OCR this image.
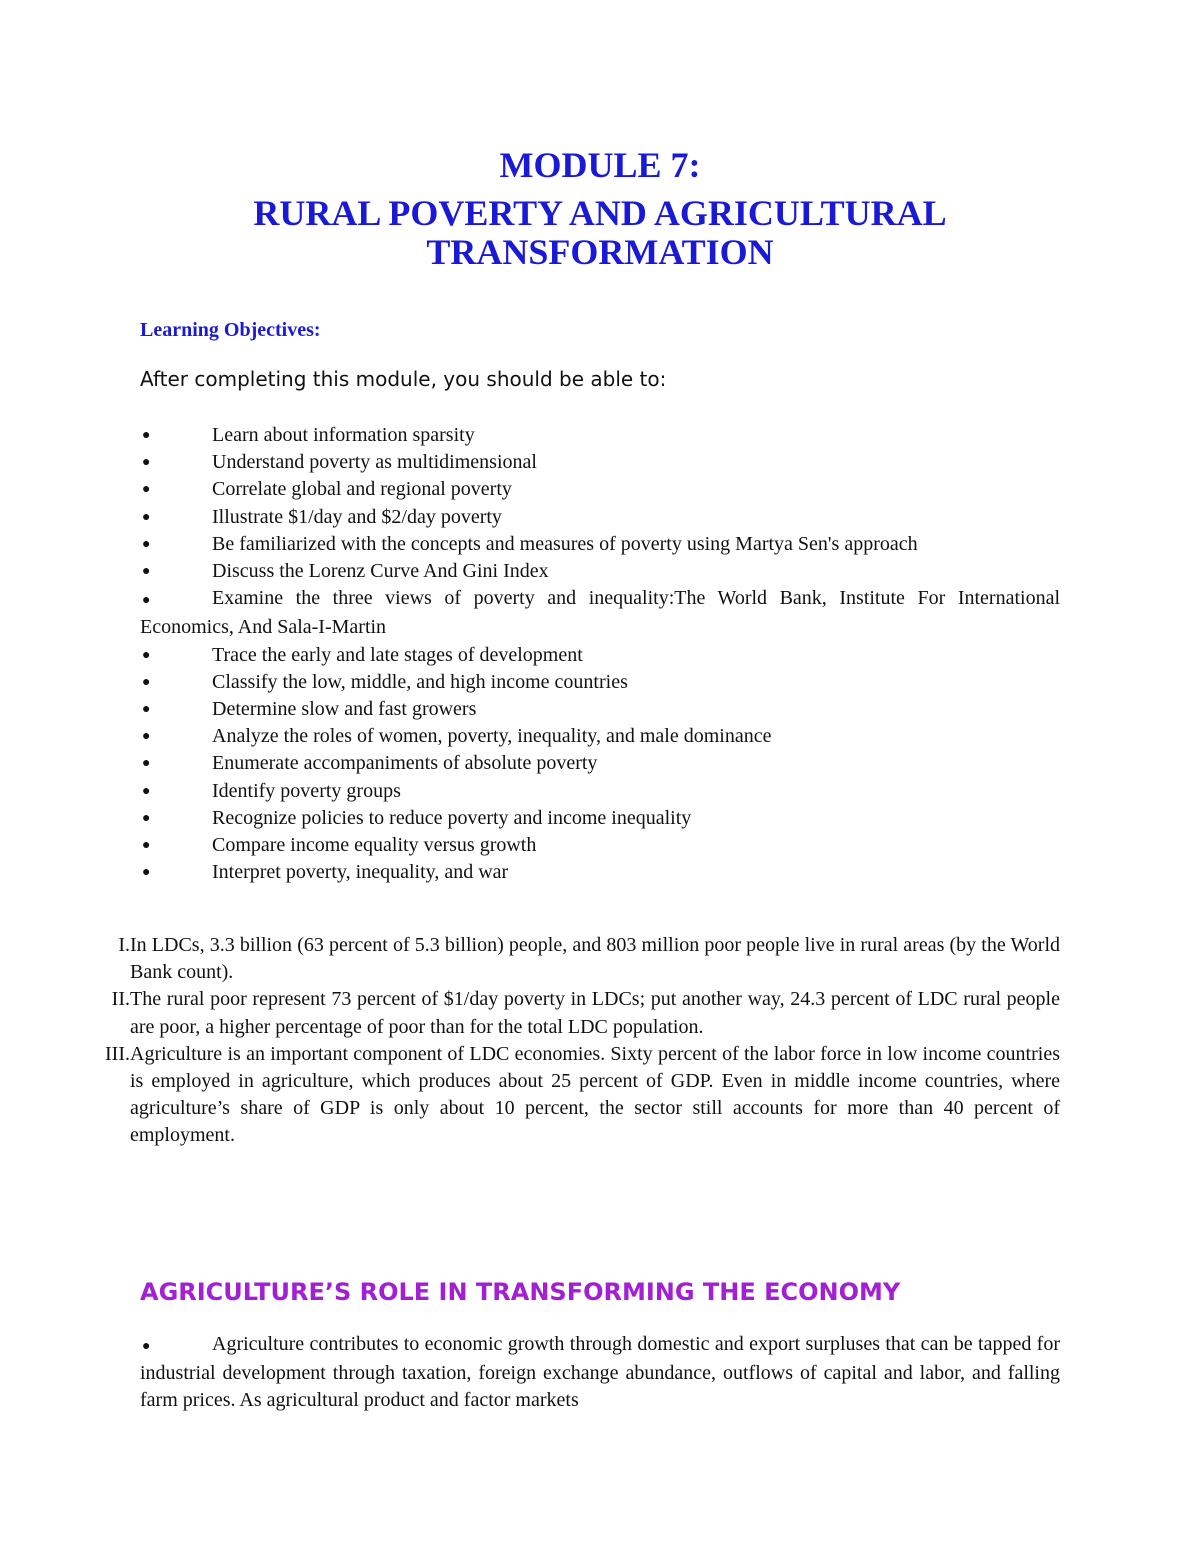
MODULE 7:
RURAL POVERTY AND AGRICULTURAL
TRANSFORMATION
Learning Objectives:
After completing this module, you should be able to:
●	Learn about information sparsity
●	Understand poverty as multidimensional
●	Correlate global and regional poverty
●	Illustrate $1/day and $2/day poverty
●	Be familiarized with the concepts and measures of poverty using Martya Sen's approach
●	Discuss the Lorenz Curve And Gini Index
●	Examine the three views of poverty and inequality:The World Bank, Institute For International Economics, And Sala-I-Martin
●	Trace the early and late stages of development
●	Classify the low, middle, and high income countries
●	Determine slow and fast growers
●	Analyze the roles of women, poverty, inequality, and male dominance
●	Enumerate accompaniments of absolute poverty
●	Identify poverty groups
●	Recognize policies to reduce poverty and income inequality
●	Compare income equality versus growth
●	Interpret poverty, inequality, and war
I. In LDCs, 3.3 billion (63 percent of 5.3 billion) people, and 803 million poor people live in rural areas (by the World Bank count).
II. The rural poor represent 73 percent of $1/day poverty in LDCs; put another way, 24.3 percent of LDC rural people are poor, a higher percentage of poor than for the total LDC population.
III. Agriculture is an important component of LDC economies. Sixty percent of the labor force in low income countries is employed in agriculture, which produces about 25 percent of GDP. Even in middle income countries, where agriculture’s share of GDP is only about 10 percent, the sector still accounts for more than 40 percent of employment.
AGRICULTURE’S ROLE IN TRANSFORMING THE ECONOMY

●	Agriculture contributes to economic growth through domestic and export surpluses that can be tapped for industrial development through taxation, foreign exchange abundance, outflows of capital and labor, and falling farm prices. As agricultural product and factor markets
